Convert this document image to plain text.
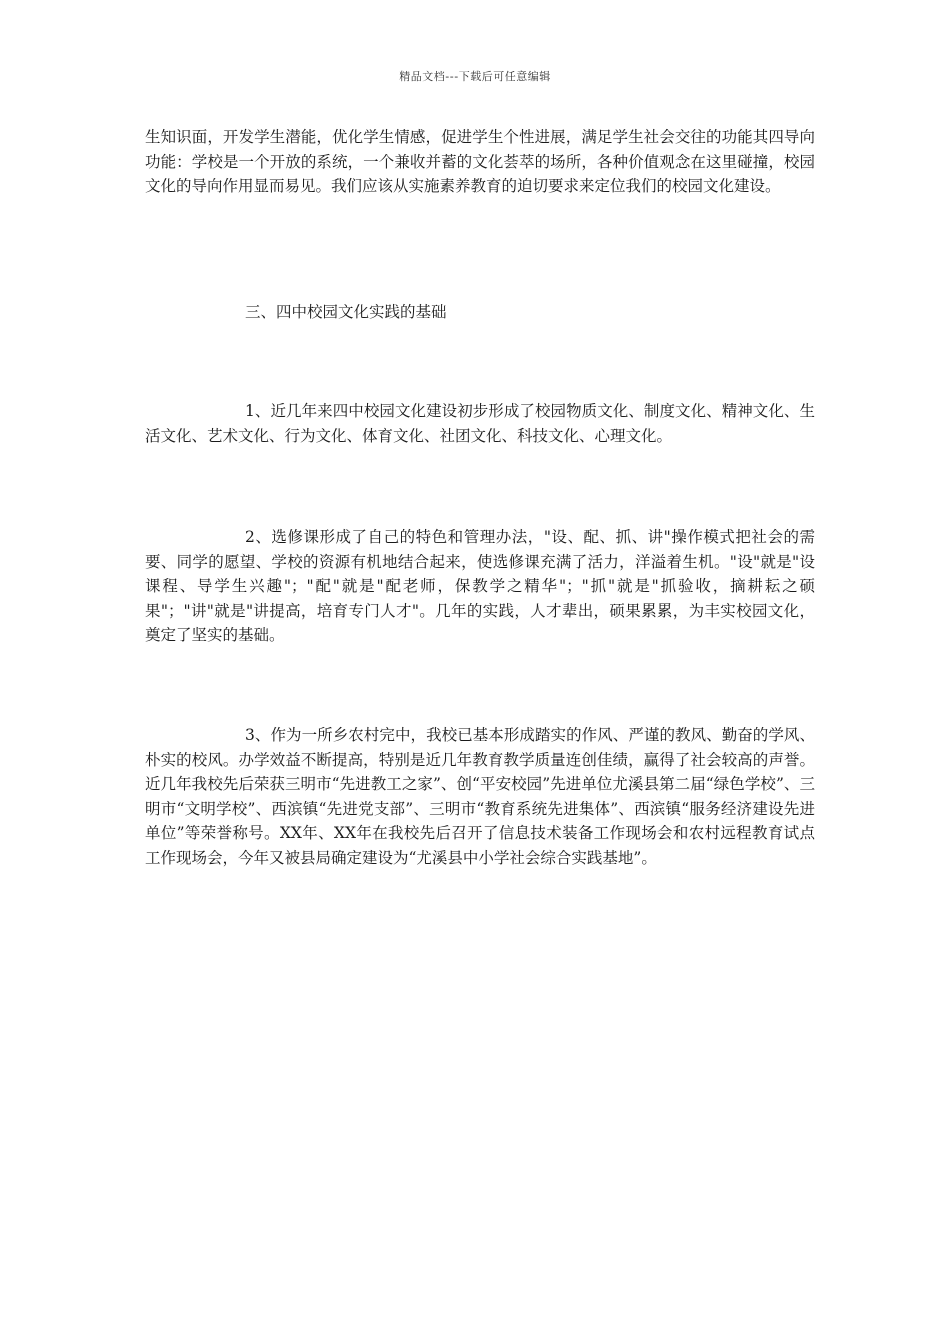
精品文档---下载后可任意编辑

生知识面，开发学生潜能，优化学生情感，促进学生个性进展，满足学生社会交往的功能其四导向功能：学校是一个开放的系统，一个兼收并蓄的文化荟萃的场所，各种价值观念在这里碰撞，校园文化的导向作用显而易见。我们应该从实施素养教育的迫切要求来定位我们的校园文化建设。

三、四中校园文化实践的基础

1、近几年来四中校园文化建设初步形成了校园物质文化、制度文化、精神文化、生活文化、艺术文化、行为文化、体育文化、社团文化、科技文化、心理文化。

2、选修课形成了自己的特色和管理办法，"设、配、抓、讲"操作模式把社会的需要、同学的愿望、学校的资源有机地结合起来，使选修课充满了活力，洋溢着生机。"设"就是"设课程、导学生兴趣"；"配"就是"配老师，保教学之精华"；"抓"就是"抓验收，摘耕耘之硕果"；"讲"就是"讲提高，培育专门人才"。几年的实践，人才辈出，硕果累累，为丰实校园文化，奠定了坚实的基础。

3、作为一所乡农村完中，我校已基本形成踏实的作风、严谨的教风、勤奋的学风、朴实的校风。办学效益不断提高，特别是近几年教育教学质量连创佳绩，赢得了社会较高的声誉。近几年我校先后荣获三明市“先进教工之家”、创“平安校园”先进单位尤溪县第二届“绿色学校”、三明市“文明学校”、西滨镇“先进党支部”、三明市“教育系统先进集体”、西滨镇“服务经济建设先进单位”等荣誉称号。XX年、XX年在我校先后召开了信息技术装备工作现场会和农村远程教育试点工作现场会，今年又被县局确定建设为“尤溪县中小学社会综合实践基地”。
